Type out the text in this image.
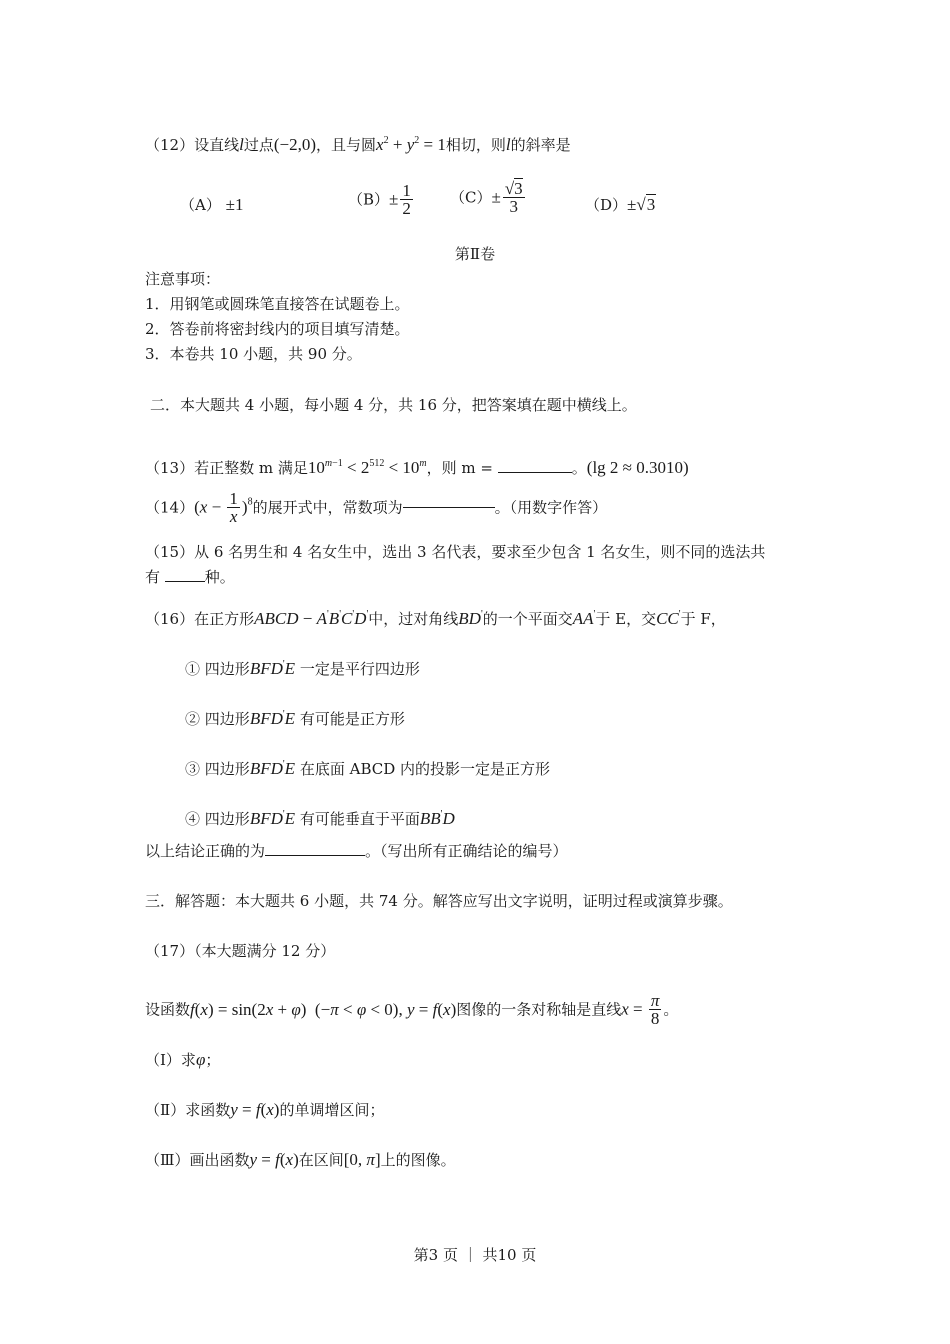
（12）设直线l过点(−2,0)，且与圆$x^2 + y^2 = 1$相切，则l的斜率是
（A） ±1	$(B)\pm \frac{1}{2} (C)\pm \frac{√3}{3}$	（D）±√3
第Ⅱ卷
注意事项：
1．用钢笔或圆珠笔直接答在试题卷上。
2．答卷前将密封线内的项目填写清楚。
3．本卷共 10 小题，共 90 分。
二．本大题共 4 小题，每小题 4 分，共 16 分，把答案填在题中横线上。
（13）若正整数 m 满足$10^{m-1} < 2^{512} < 10^m$，则 m =	。(lg 2 ≈ 0.3010)
$(14)(x - \frac{1}{x} )^8$的展开式中，常数项为	。（用数字作答）
（15）从 6 名男生和 4 名女生中，选出 3 名代表，要求至少包含 1 名女生，则不同的选法共
有	种。
（16）在正方形ABCD − A'B'C'D'中，过对角线BD'的一个平面交AA'于 E，交CC'于 F，
① 四边形BFD'E 一定是平行四边形
② 四边形BFD'E 有可能是正方形
③ 四边形BFD'E 在底面 ABCD 内的投影一定是正方形
④ 四边形BFD'E 有可能垂直于平面BB'D
以上结论正确的为	。（写出所有正确结论的编号）
三．解答题：本大题共 6 小题，共 74 分。解答应写出文字说明，证明过程或演算步骤。
（17）（本大题满分 12 分）
设函数f(x) = sin(2x + φ)  (−π < φ < 0), y = f(x)图像的一条对称轴是直线$x = \frac{\pi}{8}$ 。
（Ⅰ）求φ；
（Ⅱ）求函数y = f(x)的单调增区间；
（Ⅲ）画出函数y = f(x)在区间[0, π]上的图像。
第3 页 ｜ 共10 页
